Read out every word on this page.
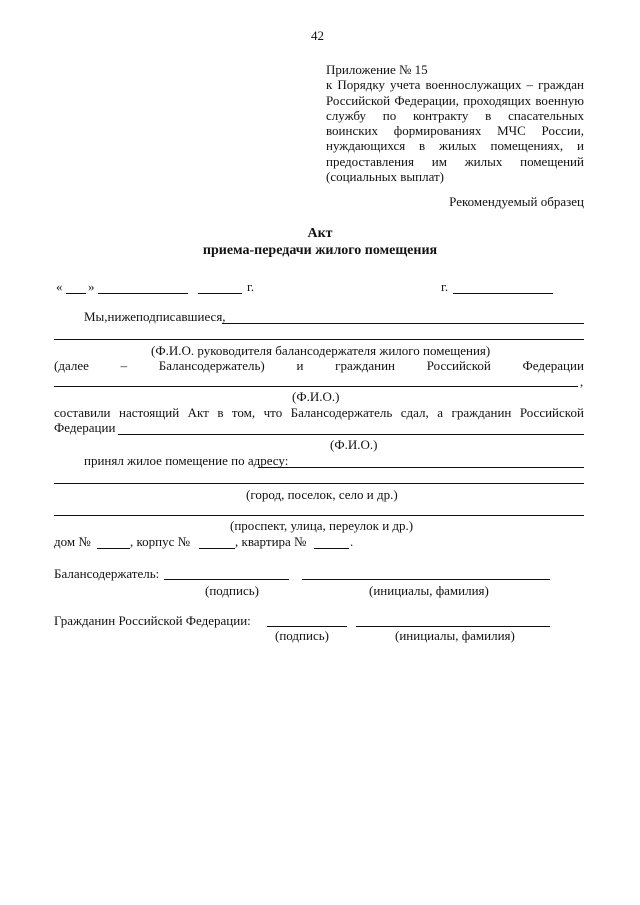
42
Приложение № 15
к Порядку учета военнослужащих – граждан
Российской Федерации, проходящих военную
службу по контракту в спасательных
воинских формированиях МЧС России,
нуждающихся в жилых помещениях, и
предоставления им жилых помещений
(социальных выплат)
Рекомендуемый образец
Акт
приема-передачи жилого помещения
« »	г.	г.
Мы,нижеподписавшиеся,
(Ф.И.О. руководителя балансодержателя жилого помещения)
(далее – Балансодержатель) и гражданин Российской Федерации
,
(Ф.И.О.)
составили настоящий Акт в том, что Балансодержатель сдал, а гражданин Российской
Федерации
(Ф.И.О.)
принял жилое помещение по адресу:
(город, поселок, село и др.)
(проспект, улица, переулок и др.)
дом №	, корпус №	, квартира №	.
Балансодержатель:
(подпись)	(инициалы, фамилия)
Гражданин Российской Федерации:
(подпись)	(инициалы, фамилия)
